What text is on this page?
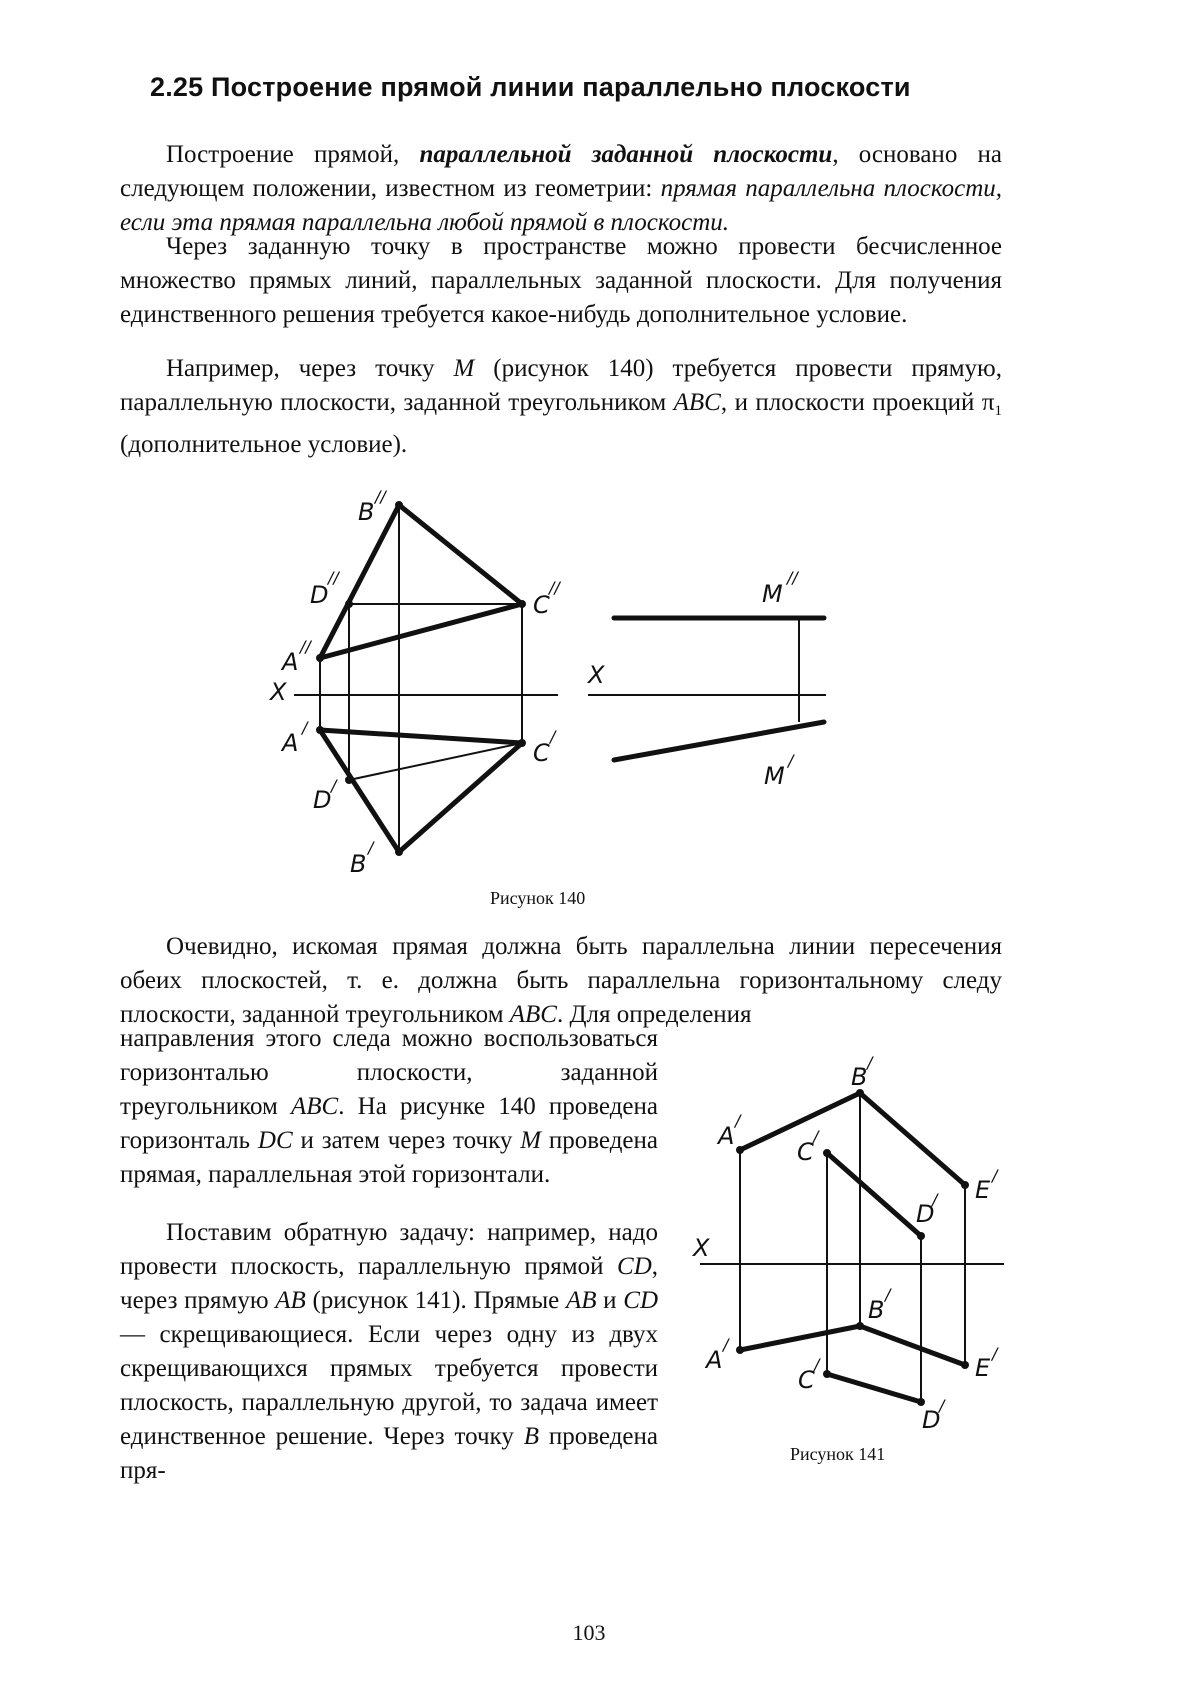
2.25 Построение прямой линии параллельно плоскости

Построение прямой, параллельной заданной плоскости, основано на следующем положении, известном из геометрии: прямая параллельна плоскости, если эта прямая параллельна любой прямой в плоскости.

Через заданную точку в пространстве можно провести бесчисленное множество прямых линий, параллельных заданной плоскости. Для получения единственного решения требуется какое-нибудь дополнительное условие.

Например, через точку M (рисунок 140) требуется провести прямую, параллельную плоскости, заданной треугольником ABC, и плоскости проекций $\pi_1$ (дополнительное условие).

B
//
D
//
C
//
A
//
X
A
/
C
/
D
/
B
/
X
M
//
M
/

Рисунок 140

Очевидно, искомая прямая должна быть параллельна линии пересечения обеих плоскостей, т. е. должна быть параллельна горизонтальному следу плоскости, заданной треугольником ABC. Для определения

направления этого следа можно воспользоваться горизонталью плоскости, заданной треугольником ABC. На рисунке 140 проведена горизонталь DC и затем через точку M проведена прямая, параллельная этой горизонтали.

Поставим обратную задачу: например, надо провести плоскость, параллельную прямой CD, через прямую AB (рисунок 141). Прямые AB и CD — скрещивающиеся. Если через одну из двух скрещивающихся прямых требуется провести плоскость, параллельную другой, то задача имеет единственное решение. Через точку B проведена пря-

B
/
A
/
C
/
D
/ E
/
X
B
/
A
/
E
/
C
/
D
/

Рисунок 141

103
